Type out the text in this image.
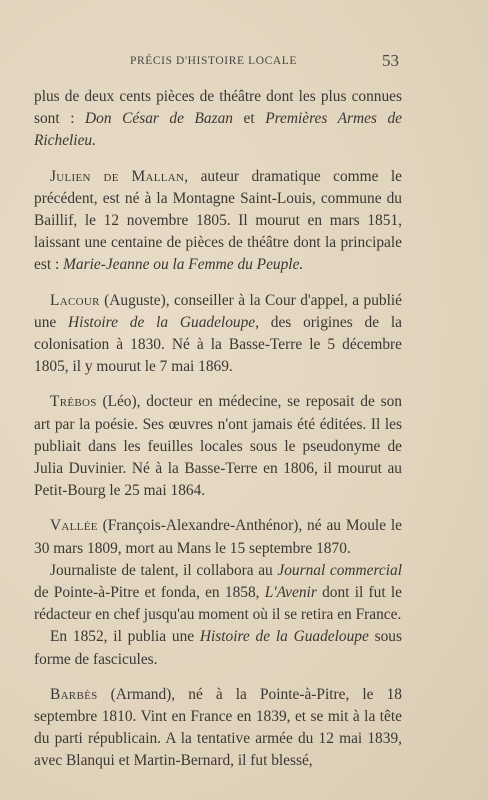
PRÉCIS D'HISTOIRE LOCALE	53

plus de deux cents pièces de théâtre dont les plus connues sont : Don César de Bazan et Premières Armes de Richelieu.

Julien de Mallan, auteur dramatique comme le précédent, est né à la Montagne Saint-Louis, commune du Baillif, le 12 novembre 1805. Il mourut en mars 1851, laissant une centaine de pièces de théâtre dont la principale est : Marie-Jeanne ou la Femme du Peuple.

Lacour (Auguste), conseiller à la Cour d'appel, a publié une Histoire de la Guadeloupe, des origines de la colonisation à 1830. Né à la Basse-Terre le 5 décembre 1805, il y mourut le 7 mai 1869.

Trébos (Léo), docteur en médecine, se reposait de son art par la poésie. Ses œuvres n'ont jamais été éditées. Il les publiait dans les feuilles locales sous le pseudonyme de Julia Duvinier. Né à la Basse-Terre en 1806, il mourut au Petit-Bourg le 25 mai 1864.

Vallée (François-Alexandre-Anthénor), né au Moule le 30 mars 1809, mort au Mans le 15 septembre 1870.

Journaliste de talent, il collabora au Journal commercial de Pointe-à-Pitre et fonda, en 1858, L'Avenir dont il fut le rédacteur en chef jusqu'au moment où il se retira en France.

En 1852, il publia une Histoire de la Guadeloupe sous forme de fascicules.

Barbès (Armand), né à la Pointe-à-Pitre, le 18 septembre 1810. Vint en France en 1839, et se mit à la tête du parti républicain. A la tentative armée du 12 mai 1839, avec Blanqui et Martin-Bernard, il fut blessé,
